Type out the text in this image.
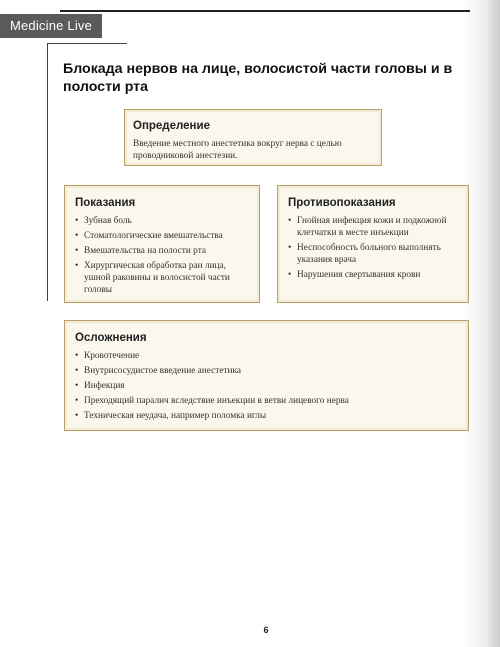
Medicine Live
Блокада нервов на лице, волосистой части головы и в полости рта
Определение
Введение местного анестетика вокруг нерва с целью проводниковой анестезии.
Показания
• Зубная боль
• Стоматологические вмешательства
• Вмешательства на полости рта
• Хирургическая обработка ран лица, ушной раковины и волосистой части головы
Противопоказания
• Гнойная инфекция кожи и подкожной клетчатки в месте инъекции
• Неспособность больного выполнять указания врача
• Нарушения свертывания крови
Осложнения
• Кровотечение
• Внутрисосудистое введение анестетика
• Инфекция
• Преходящий паралич вследствие инъекции в ветви лицевого нерва
• Техническая неудача, например поломка иглы
6
